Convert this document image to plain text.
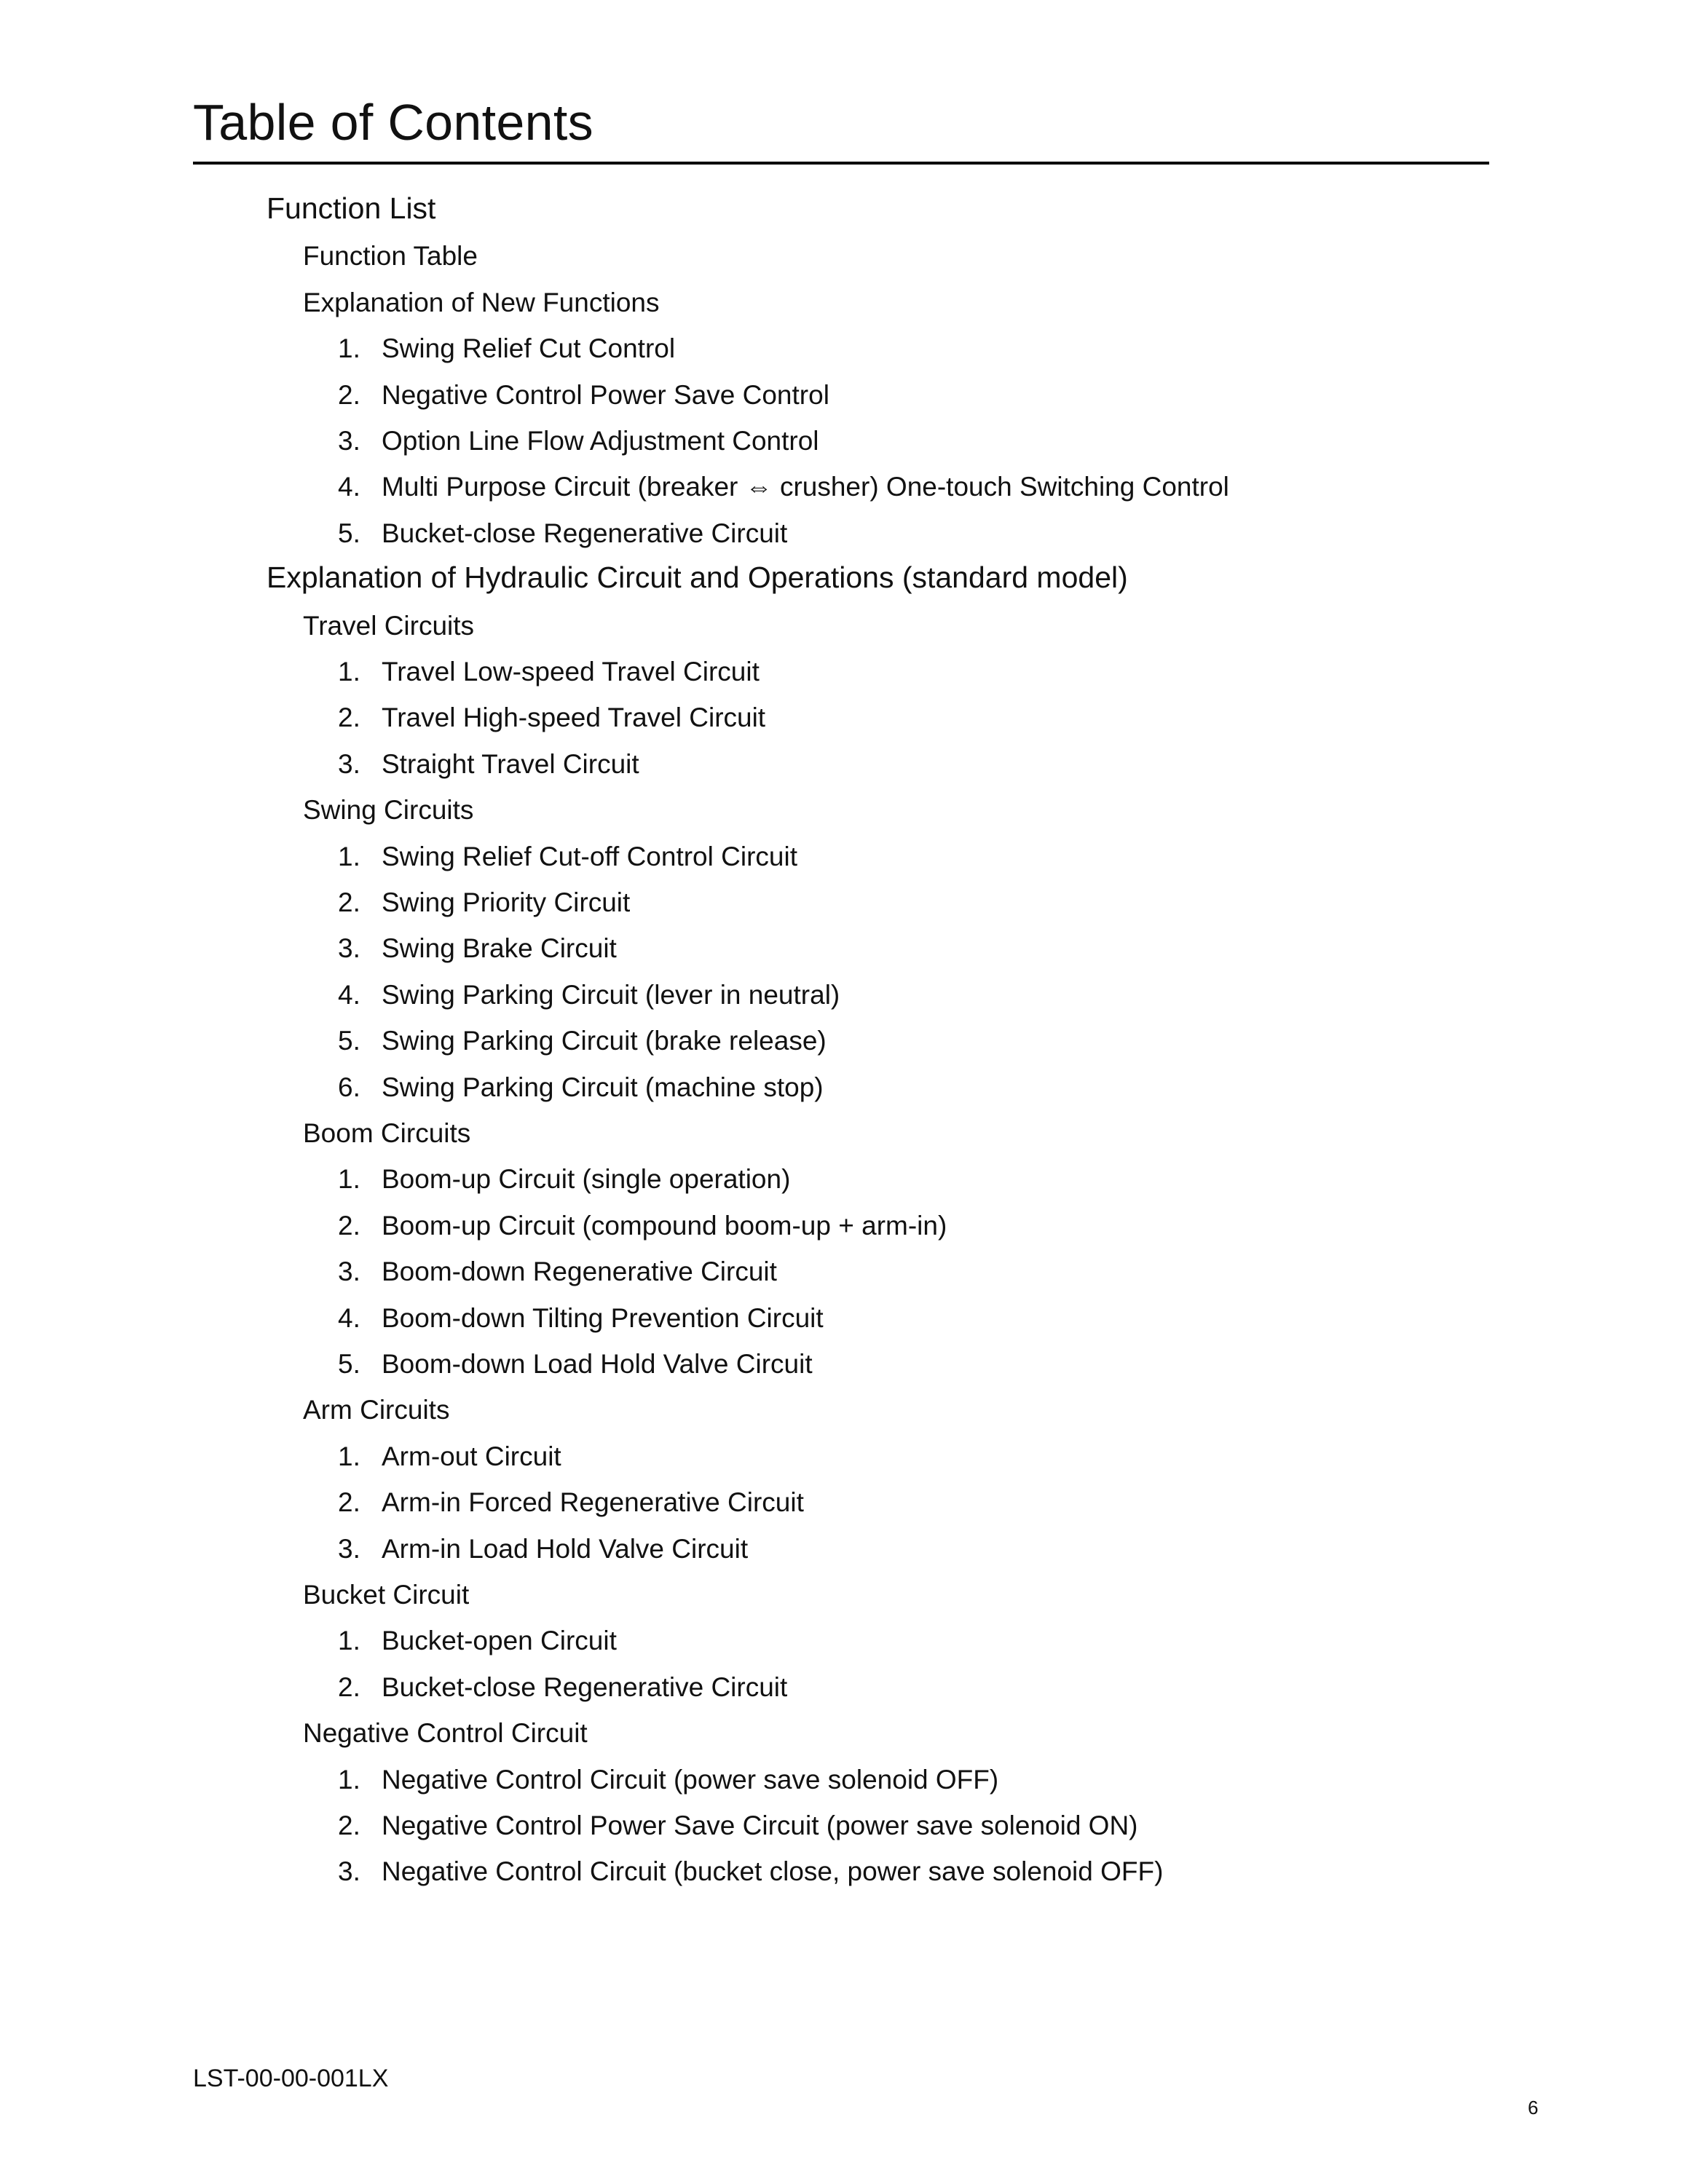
Table of Contents
Function List
Function Table
Explanation of New Functions
1. Swing Relief Cut Control
2. Negative Control Power Save Control
3. Option Line Flow Adjustment Control
4. Multi Purpose Circuit (breaker ⇔ crusher) One-touch Switching Control
5. Bucket-close Regenerative Circuit
Explanation of Hydraulic Circuit and Operations (standard model)
Travel Circuits
1. Travel Low-speed Travel Circuit
2. Travel High-speed Travel Circuit
3. Straight Travel Circuit
Swing Circuits
1. Swing Relief Cut-off Control Circuit
2. Swing Priority Circuit
3. Swing Brake Circuit
4. Swing Parking Circuit (lever in neutral)
5. Swing Parking Circuit (brake release)
6. Swing Parking Circuit (machine stop)
Boom Circuits
1. Boom-up Circuit (single operation)
2. Boom-up Circuit (compound boom-up + arm-in)
3. Boom-down Regenerative Circuit
4. Boom-down Tilting Prevention Circuit
5. Boom-down Load Hold Valve Circuit
Arm Circuits
1. Arm-out Circuit
2. Arm-in Forced Regenerative Circuit
3. Arm-in Load Hold Valve Circuit
Bucket Circuit
1. Bucket-open Circuit
2. Bucket-close Regenerative Circuit
Negative Control Circuit
1. Negative Control Circuit (power save solenoid OFF)
2. Negative Control Power Save Circuit (power save solenoid ON)
3. Negative Control Circuit (bucket close, power save solenoid OFF)
LST-00-00-001LX
6
